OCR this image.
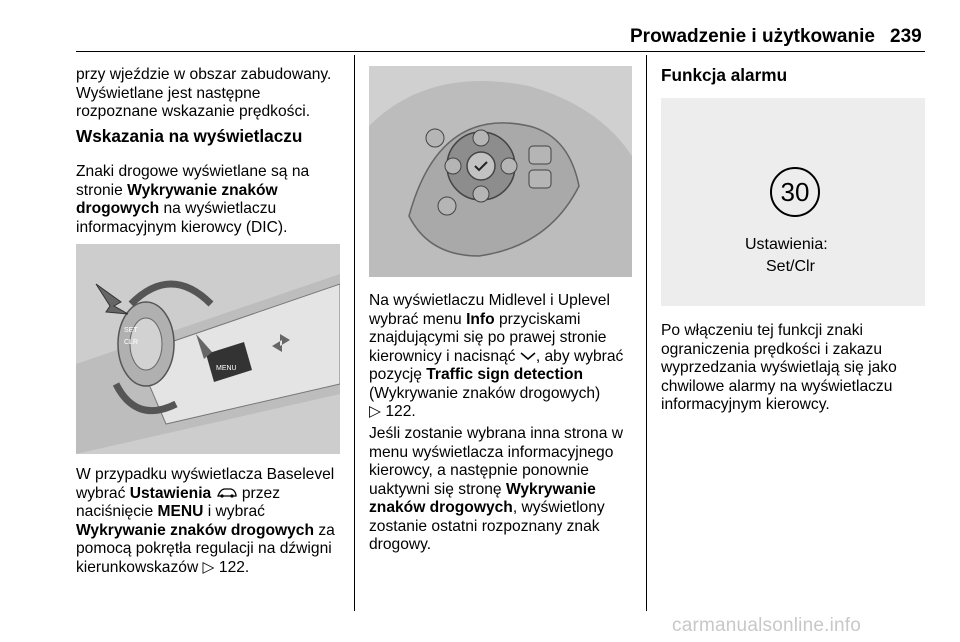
Prowadzenie i użytkowanie 239

przy wjeździe w obszar zabudowany.

Wyświetlane jest następne

rozpoznane wskazanie prędkości.

Wskazania na wyświetlaczu

Znaki drogowe wyświetlane są na

stronie Wykrywanie znaków

drogowych na wyświetlaczu

informacyjnym kierowcy (DIC).

MENU
SET
CLR

W przypadku wyświetlacza Baselevel

wybrać Ustawienia  przez

naciśnięcie MENU i wybrać

Wykrywanie znaków drogowych za

pomocą pokrętła regulacji na dźwigni

kierunkowskazów ▷ 122.

Na wyświetlaczu Midlevel i Uplevel

wybrać menu Info przyciskami

znajdującymi się po prawej stronie

kierownicy i nacisnąć , aby wybrać

pozycję Traffic sign detection

(Wykrywanie znaków drogowych)

▷ 122.

Jeśli zostanie wybrana inna strona w

menu wyświetlacza informacyjnego

kierowcy, a następnie ponownie

uaktywni się stronę Wykrywanie

znaków drogowych, wyświetlony

zostanie ostatni rozpoznany znak

drogowy.

Funkcja alarmu
30
Ustawienia:
Set/Clr

Po włączeniu tej funkcji znaki

ograniczenia prędkości i zakazu

wyprzedzania wyświetlają się jako

chwilowe alarmy na wyświetlaczu

informacyjnym kierowcy.

carmanualsonline.info
